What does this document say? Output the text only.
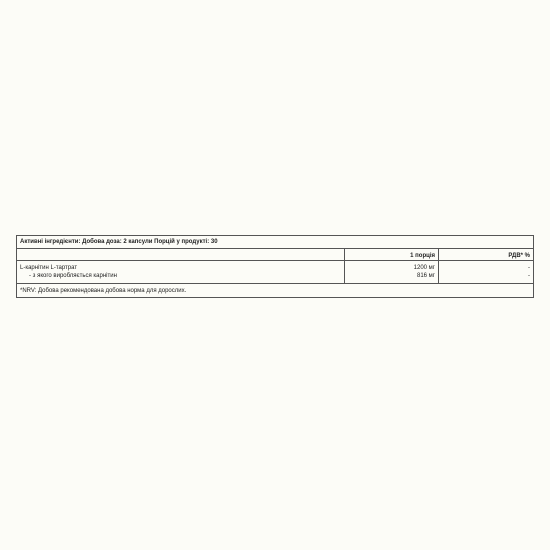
Активні інгредієнти: Добова доза: 2 капсули Порцій у продукті: 30
1 порція	РДВ* %
L-карнітин L-тартрат
- з якого виробляється карнітин
1200 мг
816 мг
-
-
*NRV: Добова рекомендована добова норма для дорослих.
